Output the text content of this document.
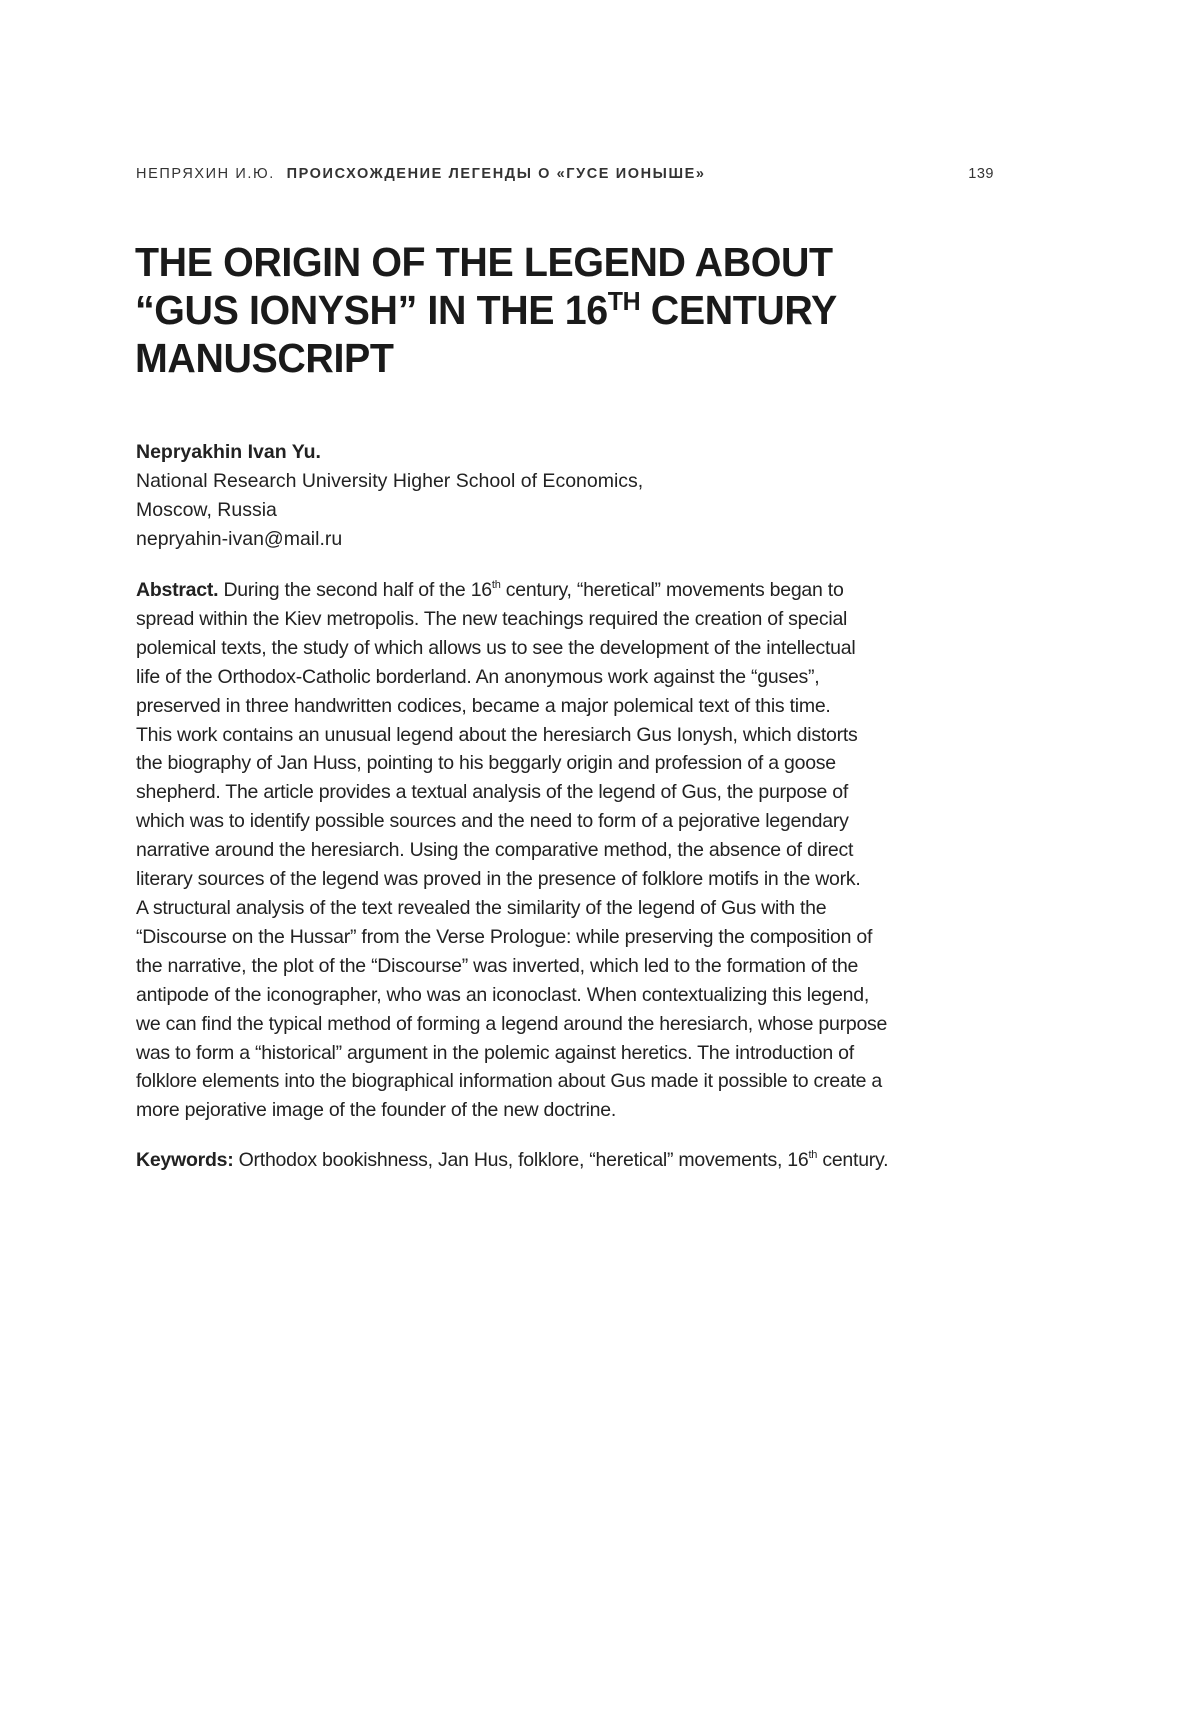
НЕПРЯХИН И.Ю. ПРОИСХОЖДЕНИЕ ЛЕГЕНДЫ О «ГУСЕ ИОНЫШЕ»	139
THE ORIGIN OF THE LEGEND ABOUT
“GUS IONYSH” IN THE 16TH CENTURY
MANUSCRIPT
Nepryakhin Ivan Yu.
National Research University Higher School of Economics,
Moscow, Russia
nepryahin-ivan@mail.ru
Abstract. During the second half of the 16th century, “heretical” movements began to
spread within the Kiev metropolis. The new teachings required the creation of special
polemical texts, the study of which allows us to see the development of the intellectual
life of the Orthodox-Catholic borderland. An anonymous work against the “guses”,
preserved in three handwritten codices, became a major polemical text of this time.
This work contains an unusual legend about the heresiarch Gus Ionysh, which distorts
the biography of Jan Huss, pointing to his beggarly origin and profession of a goose
shepherd. The article provides a textual analysis of the legend of Gus, the purpose of
which was to identify possible sources and the need to form of a pejorative legendary
narrative around the heresiarch. Using the comparative method, the absence of direct
literary sources of the legend was proved in the presence of folklore motifs in the work.
A structural analysis of the text revealed the similarity of the legend of Gus with the
“Discourse on the Hussar” from the Verse Prologue: while preserving the composition of
the narrative, the plot of the “Discourse” was inverted, which led to the formation of the
antipode of the iconographer, who was an iconoclast. When contextualizing this legend,
we can find the typical method of forming a legend around the heresiarch, whose purpose
was to form a “historical” argument in the polemic against heretics. The introduction of
folklore elements into the biographical information about Gus made it possible to create a
more pejorative image of the founder of the new doctrine.
Keywords: Orthodox bookishness, Jan Hus, folklore, “heretical” movements, 16th century.
